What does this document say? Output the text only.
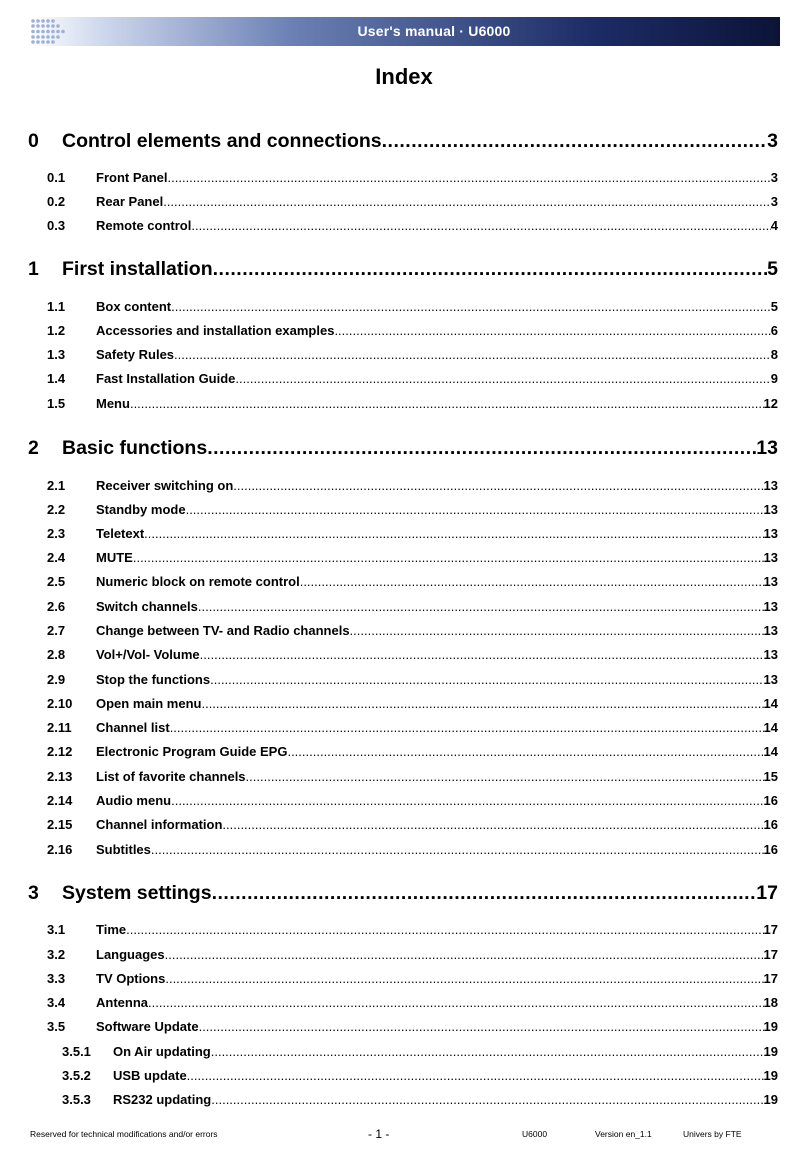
User's manual · U6000
Index
0	Control elements and connections .....	3
0.1	Front Panel .....	3
0.2	Rear Panel .....	3
0.3	Remote control .....	4
1	First installation .....	5
1.1	Box content .....	5
1.2	Accessories and installation examples .....	6
1.3	Safety Rules .....	8
1.4	Fast Installation Guide .....	9
1.5	Menu .....	12
2	Basic functions .....	13
2.1	Receiver switching on .....	13
2.2	Standby mode .....	13
2.3	Teletext .....	13
2.4	MUTE .....	13
2.5	Numeric block on remote control .....	13
2.6	Switch channels .....	13
2.7	Change between TV- and Radio channels .....	13
2.8	Vol+/Vol- Volume .....	13
2.9	Stop the functions .....	13
2.10	Open main menu .....	14
2.11	Channel list .....	14
2.12	Electronic Program Guide EPG .....	14
2.13	List of favorite channels .....	15
2.14	Audio menu .....	16
2.15	Channel information .....	16
2.16	Subtitles .....	16
3	System settings .....	17
3.1	Time .....	17
3.2	Languages .....	17
3.3	TV Options .....	17
3.4	Antenna .....	18
3.5	Software Update .....	19
3.5.1	On Air updating .....	19
3.5.2	USB update .....	19
3.5.3	RS232 updating .....	19
Reserved for technical modifications and/or errors	- 1 -	U6000	Version en_1.1	Univers by FTE
